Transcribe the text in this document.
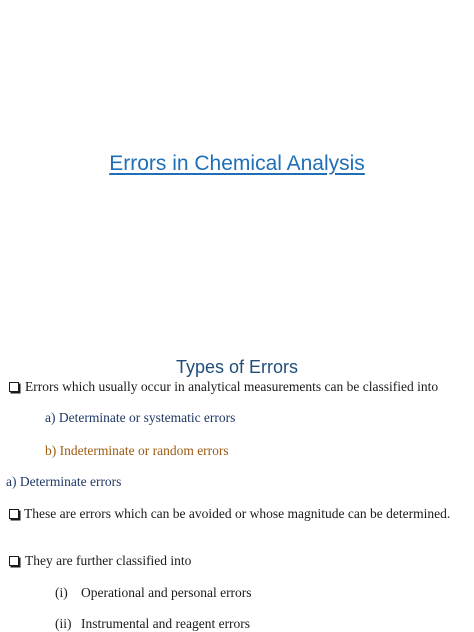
Errors in Chemical Analysis
Types of Errors
Errors which usually occur in analytical measurements can be classified into
a) Determinate or systematic errors
b) Indeterminate or random errors
a) Determinate errors
These are errors which can be avoided or whose magnitude can be determined.
They are further classified into
(i) Operational and personal errors
(ii) Instrumental and reagent errors
